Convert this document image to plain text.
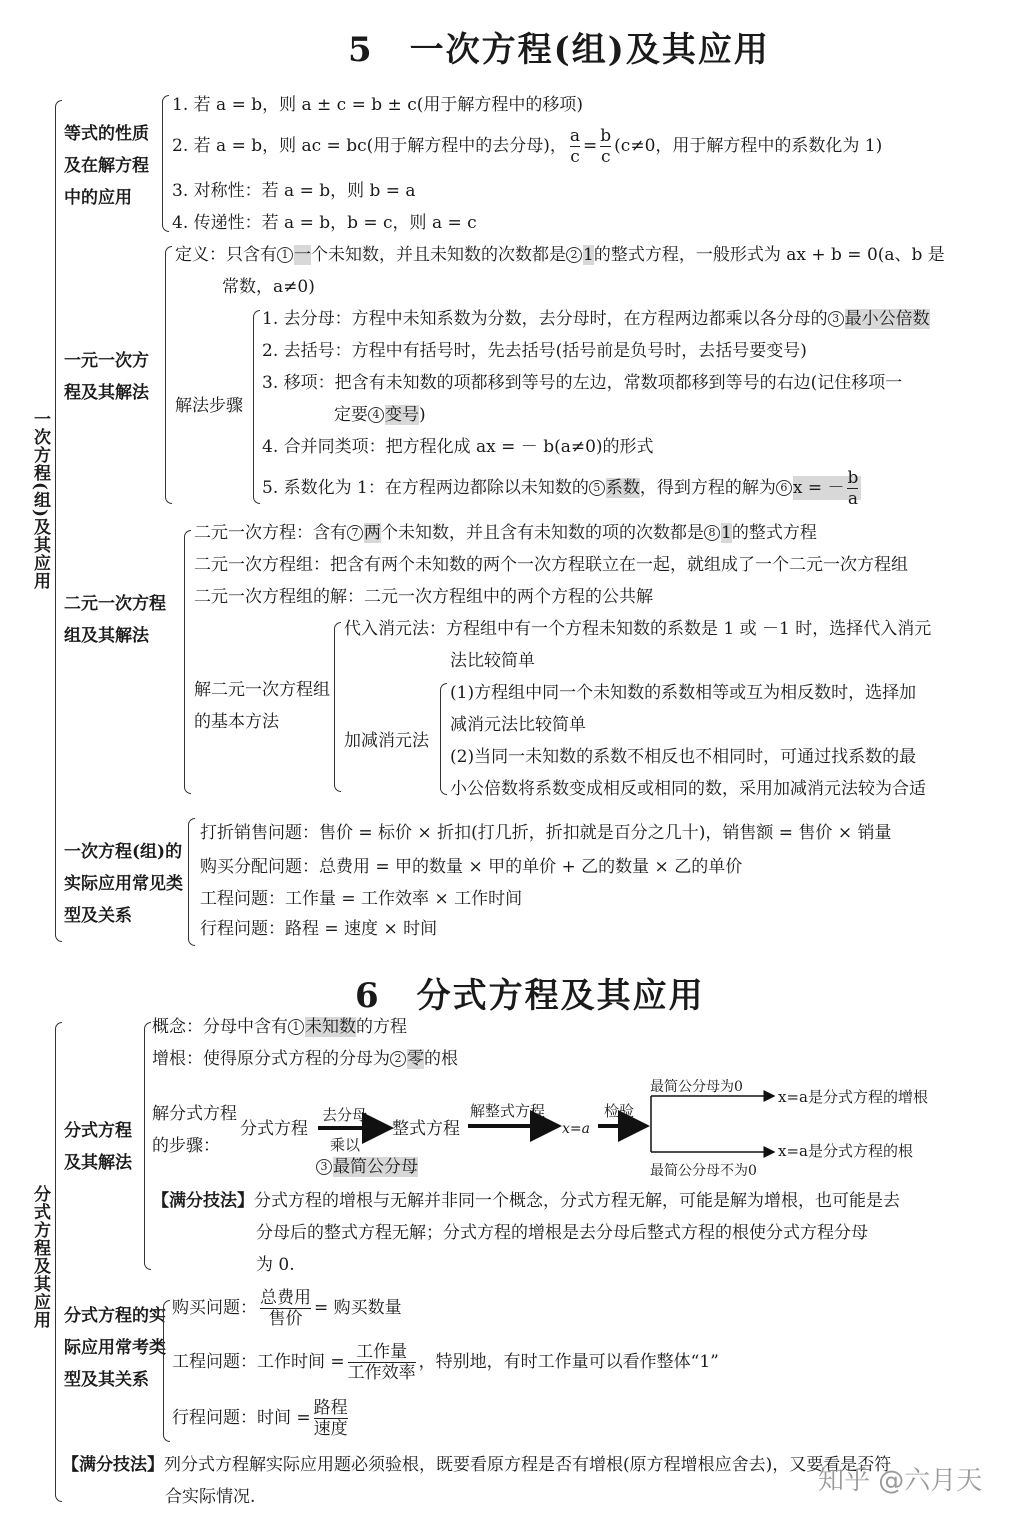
5　一次方程(组)及其应用
一次方程(组)及其应用
等式的性质及在解方程中的应用
1. 若 a = b，则 a ± c = b ± c(用于解方程中的移项)
2. 若 a = b，则 ac = bc(用于解方程中的去分母)， $\frac{a}{c} = \frac{b}{c} (c\ne 0$，用于解方程中的系数化为 1)
3. 对称性：若 a = b，则 b = a
4. 传递性：若 a = b，b = c，则 a = c
一元一次方程及其解法
定义：只含有 1 一个未知数，并且未知数的次数都是 2 1的整式方程，一般形式为 ax + b = 0(a、b 是
常数，a≠0)
解法步骤
1. 去分母：方程中未知系数为分数，去分母时，在方程两边都乘以各分母的 3 最小公倍数
2. 去括号：方程中有括号时，先去括号(括号前是负号时，去括号要变号)
3. 移项：把含有未知数的项都移到等号的左边，常数项都移到等号的右边(记住移项一
定要 4 变号)
4. 合并同类项：把方程化成 ax = － b(a≠0)的形式
5. 系数化为 1：在方程两边都除以未知数的 5 系数，得到方程的解为 6 x = － $\frac{b}{a}$
二元一次方程组及其解法
二元一次方程：含有 7 两个未知数，并且含有未知数的项的次数都是 8 1的整式方程
二元一次方程组：把含有两个未知数的两个一次方程联立在一起，就组成了一个二元一次方程组
二元一次方程组的解：二元一次方程组中的两个方程的公共解
解二元一次方程组的基本方法
代入消元法：方程组中有一个方程未知数的系数是 1 或 －1 时，选择代入消元
法比较简单
加减消元法
(1)方程组中同一个未知数的系数相等或互为相反数时，选择加
减消元法比较简单
(2)当同一未知数的系数不相反也不相同时，可通过找系数的最
小公倍数将系数变成相反或相同的数，采用加减消元法较为合适
一次方程(组)的实际应用常见类型及关系
打折销售问题：售价 = 标价 × 折扣(打几折，折扣就是百分之几十)，销售额 = 售价 × 销量
购买分配问题：总费用 = 甲的数量 × 甲的单价 + 乙的数量 × 乙的单价
工程问题：工作量 = 工作效率 × 工作时间
行程问题：路程 = 速度 × 时间
6　分式方程及其应用
分式方程及其应用
分式方程及其解法
概念：分母中含有 1 未知数的方程
增根：使得原分式方程的分母为 2 零的根
解分式方程的步骤：
分式方程
去分母
乘以
3 最简公分母
整式方程
解整式方程
x=a
检验
最简公分母为0
x=a是分式方程的增根
最简公分母不为0
x=a是分式方程的根
【满分技法】分式方程的增根与无解并非同一个概念，分式方程无解，可能是解为增根，也可能是去
分母后的整式方程无解；分式方程的增根是去分母后整式方程的根使分式方程分母
为 0.
分式方程的实际应用常考类型及其关系
购买问题： $\frac{\text{总费用}}{\text{售价}}$ = 购买数量
工程问题：工作时间 = $\frac{\text{工作量}}{\text{工作效率}}$ ，特别地，有时工作量可以看作整体“1”
行程问题：时间 = $\frac{\text{路程}}{\text{速度}}$
【满分技法】列分式方程解实际应用题必须验根，既要看原方程是否有增根(原方程增根应舍去)，又要看是否符
合实际情况.
知乎 @六月天
